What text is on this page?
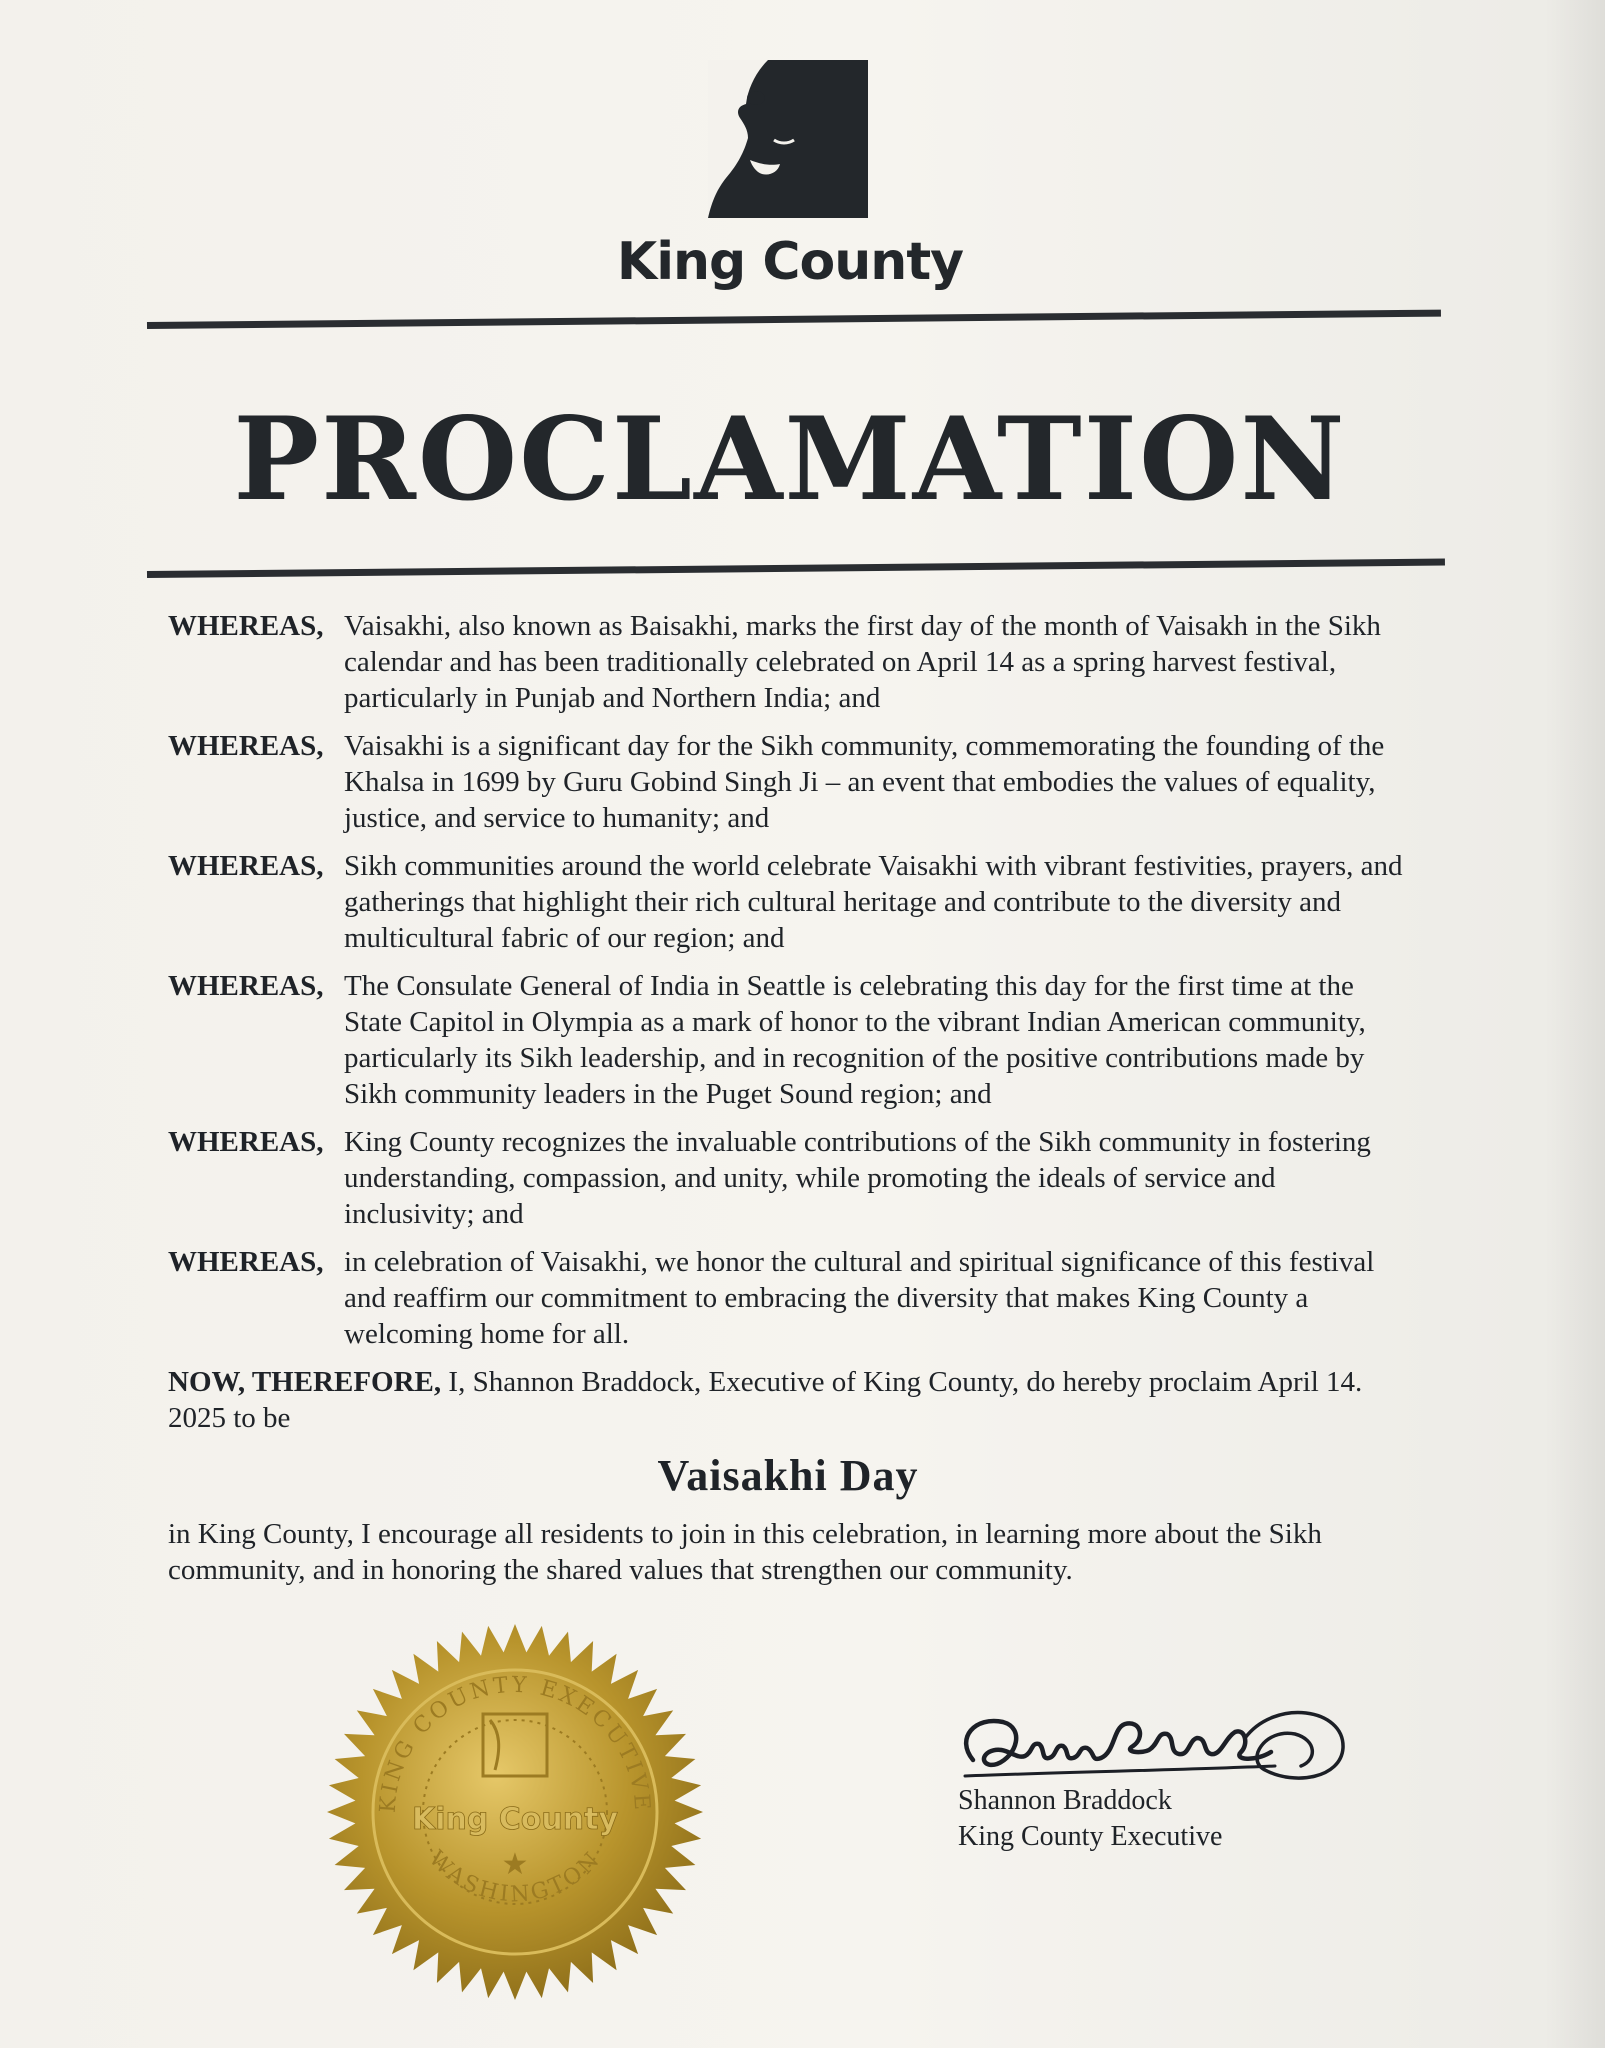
King County
PROCLAMATION
WHEREAS, Vaisakhi, also known as Baisakhi, marks the first day of the month of Vaisakh in the Sikh calendar and has been traditionally celebrated on April 14 as a spring harvest festival, particularly in Punjab and Northern India; and
WHEREAS, Vaisakhi is a significant day for the Sikh community, commemorating the founding of the Khalsa in 1699 by Guru Gobind Singh Ji – an event that embodies the values of equality, justice, and service to humanity; and
WHEREAS, Sikh communities around the world celebrate Vaisakhi with vibrant festivities, prayers, and gatherings that highlight their rich cultural heritage and contribute to the diversity and multicultural fabric of our region; and
WHEREAS, The Consulate General of India in Seattle is celebrating this day for the first time at the State Capitol in Olympia as a mark of honor to the vibrant Indian American community, particularly its Sikh leadership, and in recognition of the positive contributions made by Sikh community leaders in the Puget Sound region; and
WHEREAS, King County recognizes the invaluable contributions of the Sikh community in fostering understanding, compassion, and unity, while promoting the ideals of service and inclusivity; and
WHEREAS, in celebration of Vaisakhi, we honor the cultural and spiritual significance of this festival and reaffirm our commitment to embracing the diversity that makes King County a welcoming home for all.
NOW, THEREFORE, I, Shannon Braddock, Executive of King County, do hereby proclaim April 14. 2025 to be
Vaisakhi Day
in King County, I encourage all residents to join in this celebration, in learning more about the Sikh community, and in honoring the shared values that strengthen our community.
King County
★
KING COUNTY EXECUTIVE
WASHINGTON
Shannon Braddock
King County Executive
